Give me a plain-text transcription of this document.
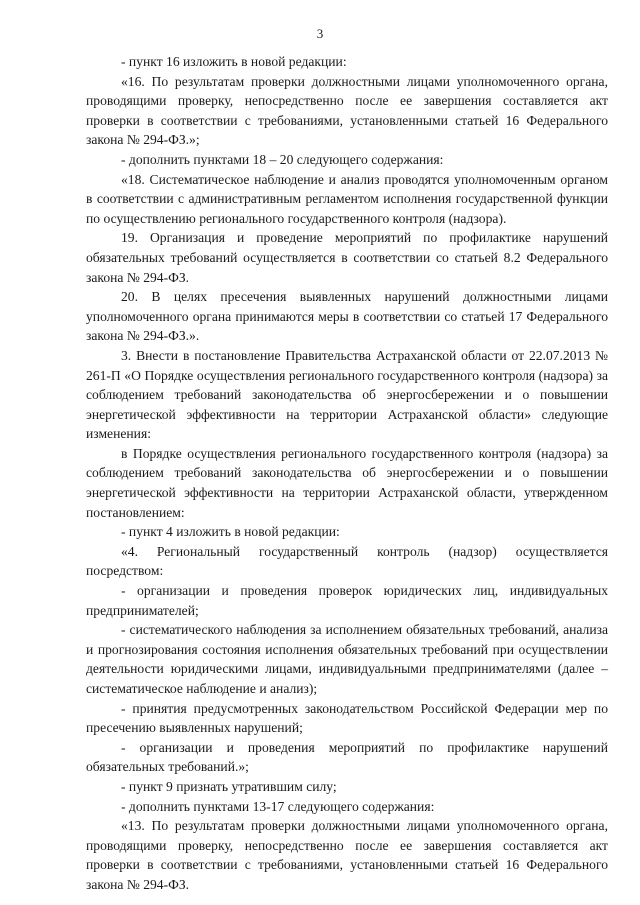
3

- пункт 16 изложить в новой редакции:

«16. По результатам проверки должностными лицами уполномоченного органа, проводящими проверку, непосредственно после ее завершения составляется акт проверки в соответствии с требованиями, установленными статьей 16 Федерального закона № 294-ФЗ.»;

- дополнить пунктами 18 – 20 следующего содержания:

«18. Систематическое наблюдение и анализ проводятся уполномоченным органом в соответствии с административным регламентом исполнения государственной функции по осуществлению регионального государственного контроля (надзора).

19. Организация и проведение мероприятий по профилактике нарушений обязательных требований осуществляется в соответствии со статьей 8.2 Федерального закона № 294-ФЗ.

20. В целях пресечения выявленных нарушений должностными лицами уполномоченного органа принимаются меры в соответствии со статьей 17 Федерального закона № 294-ФЗ.».

3. Внести в постановление Правительства Астраханской области от 22.07.2013 № 261-П «О Порядке осуществления регионального государственного контроля (надзора) за соблюдением требований законодательства об энергосбережении и о повышении энергетической эффективности на территории Астраханской области» следующие изменения:

в Порядке осуществления регионального государственного контроля (надзора) за соблюдением требований законодательства об энергосбережении и о повышении энергетической эффективности на территории Астраханской области, утвержденном постановлением:

- пункт 4 изложить в новой редакции:

«4. Региональный государственный контроль (надзор) осуществляется посредством:

- организации и проведения проверок юридических лиц, индивидуальных предпринимателей;

- систематического наблюдения за исполнением обязательных требований, анализа и прогнозирования состояния исполнения обязательных требований при осуществлении деятельности юридическими лицами, индивидуальными предпринимателями (далее – систематическое наблюдение и анализ);

- принятия предусмотренных законодательством Российской Федерации мер по пресечению выявленных нарушений;

- организации и проведения мероприятий по профилактике нарушений обязательных требований.»;

- пункт 9 признать утратившим силу;

- дополнить пунктами 13-17 следующего содержания:

«13. По результатам проверки должностными лицами уполномоченного органа, проводящими проверку, непосредственно после ее завершения составляется акт проверки в соответствии с требованиями, установленными статьей 16 Федерального закона № 294-ФЗ.
